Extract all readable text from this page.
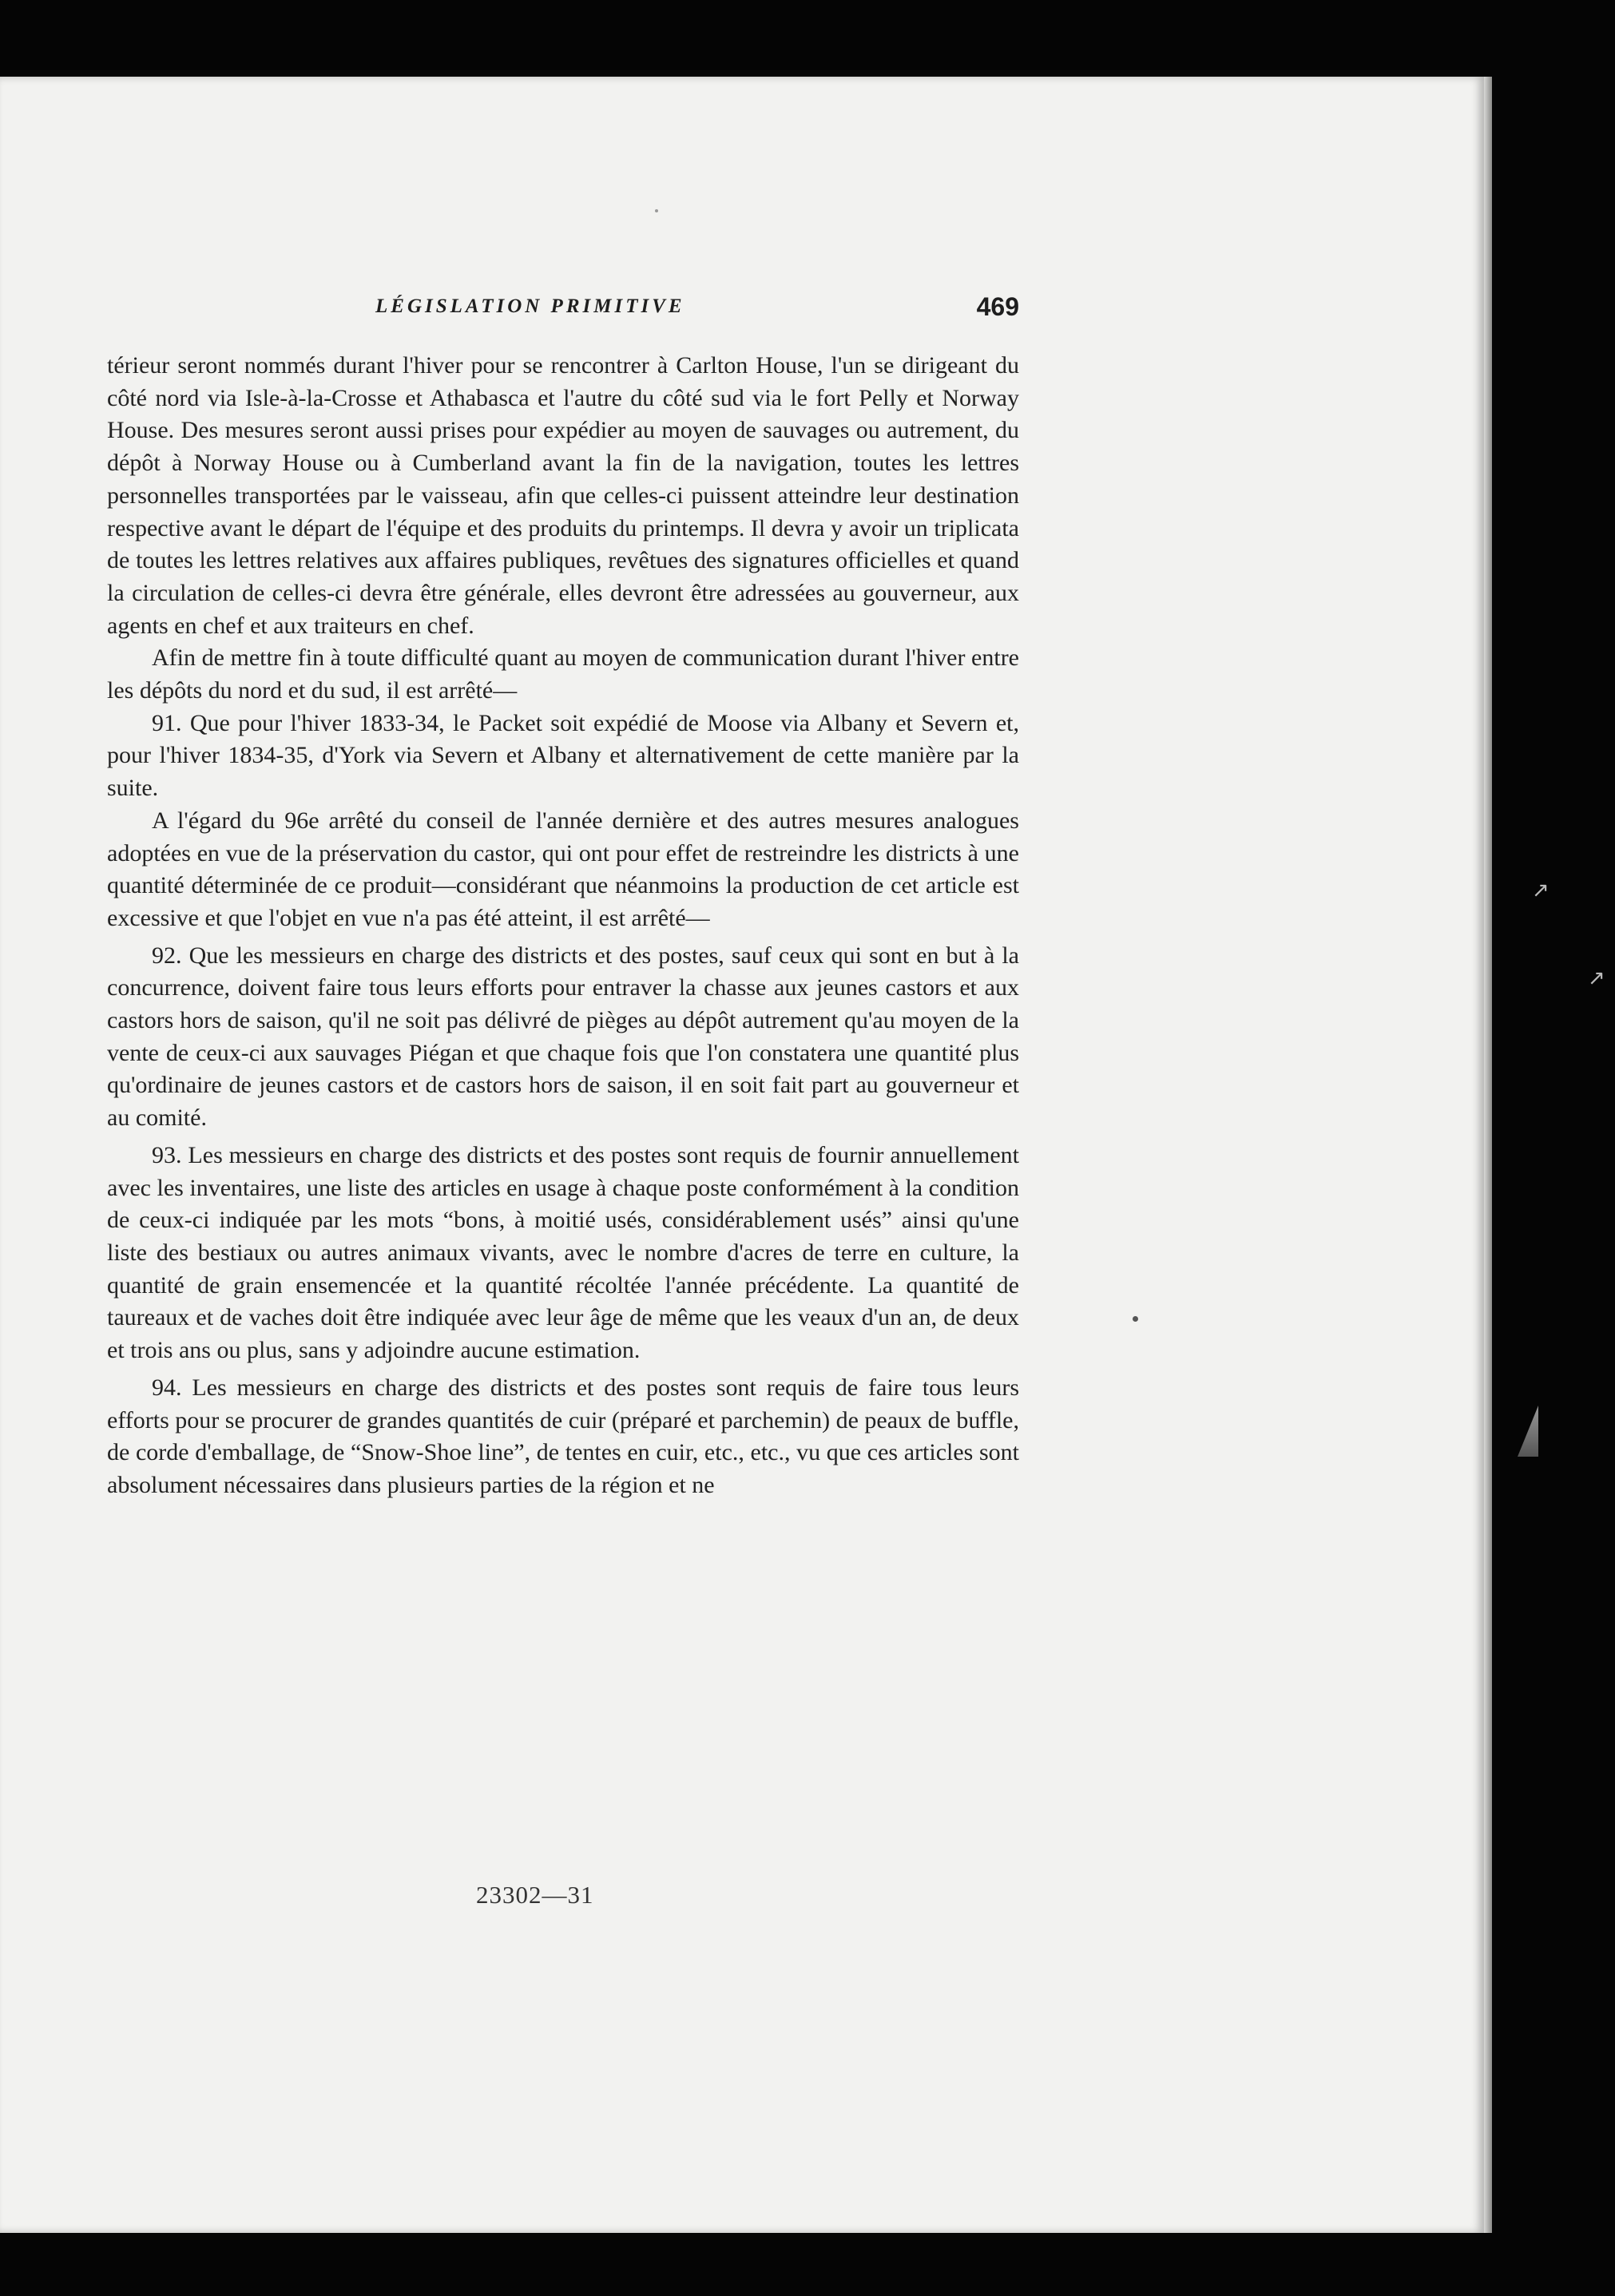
LÉGISLATION PRIMITIVE	469

térieur seront nommés durant l'hiver pour se rencontrer à Carlton House, l'un se dirigeant du côté nord via Isle-à-la-Crosse et Athabasca et l'autre du côté sud via le fort Pelly et Norway House. Des mesures seront aussi prises pour expédier au moyen de sauvages ou autrement, du dépôt à Norway House ou à Cumberland avant la fin de la navigation, toutes les lettres personnelles transportées par le vaisseau, afin que celles-ci puissent atteindre leur destination respective avant le départ de l'équipe et des produits du printemps. Il devra y avoir un triplicata de toutes les lettres relatives aux affaires publiques, revêtues des signatures officielles et quand la circulation de celles-ci devra être générale, elles devront être adressées au gouverneur, aux agents en chef et aux traiteurs en chef.

Afin de mettre fin à toute difficulté quant au moyen de communication durant l'hiver entre les dépôts du nord et du sud, il est arrêté—

91. Que pour l'hiver 1833-34, le Packet soit expédié de Moose via Albany et Severn et, pour l'hiver 1834-35, d'York via Severn et Albany et alternativement de cette manière par la suite.

A l'égard du 96e arrêté du conseil de l'année dernière et des autres mesures analogues adoptées en vue de la préservation du castor, qui ont pour effet de restreindre les districts à une quantité déterminée de ce produit—considérant que néanmoins la production de cet article est excessive et que l'objet en vue n'a pas été atteint, il est arrêté—

92. Que les messieurs en charge des districts et des postes, sauf ceux qui sont en but à la concurrence, doivent faire tous leurs efforts pour entraver la chasse aux jeunes castors et aux castors hors de saison, qu'il ne soit pas délivré de pièges au dépôt autrement qu'au moyen de la vente de ceux-ci aux sauvages Piégan et que chaque fois que l'on constatera une quantité plus qu'ordinaire de jeunes castors et de castors hors de saison, il en soit fait part au gouverneur et au comité.

93. Les messieurs en charge des districts et des postes sont requis de fournir annuellement avec les inventaires, une liste des articles en usage à chaque poste conformément à la condition de ceux-ci indiquée par les mots “bons, à moitié usés, considérablement usés” ainsi qu'une liste des bestiaux ou autres animaux vivants, avec le nombre d'acres de terre en culture, la quantité de grain ensemencée et la quantité récoltée l'année précédente. La quantité de taureaux et de vaches doit être indiquée avec leur âge de même que les veaux d'un an, de deux et trois ans ou plus, sans y adjoindre aucune estimation.

94. Les messieurs en charge des districts et des postes sont requis de faire tous leurs efforts pour se procurer de grandes quantités de cuir (préparé et parchemin) de peaux de buffle, de corde d'emballage, de “Snow-Shoe line”, de tentes en cuir, etc., etc., vu que ces articles sont absolument nécessaires dans plusieurs parties de la région et ne

23302—31
↗
↗
